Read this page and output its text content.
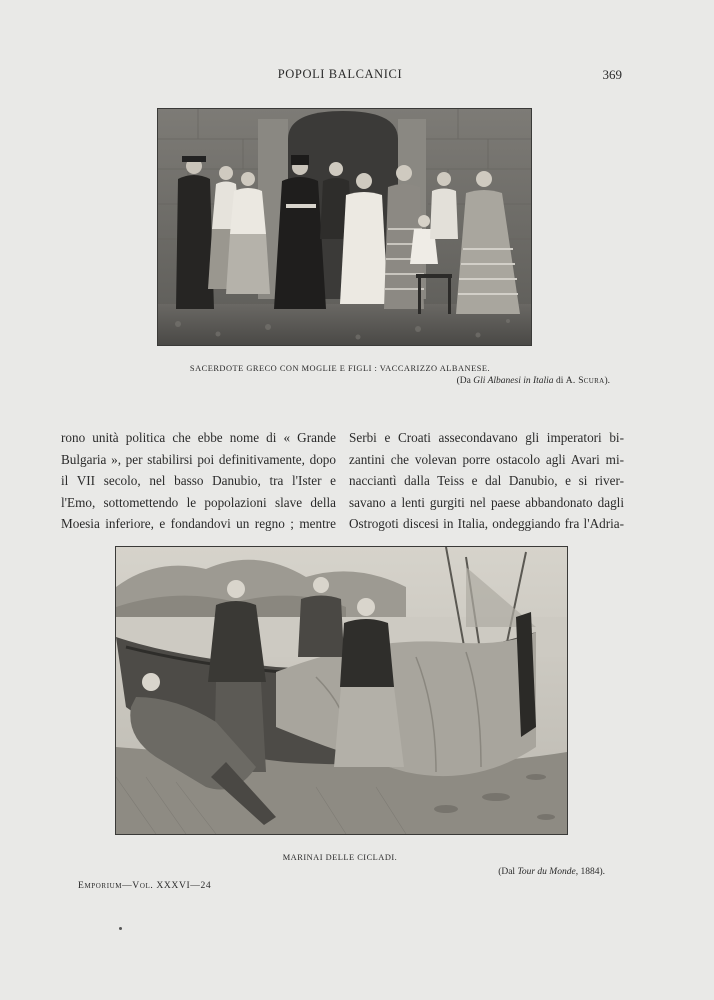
POPOLI BALCANICI	369
SACERDOTE GRECO CON MOGLIE E FIGLI : VACCARIZZO ALBANESE.
(Da Gli Albanesi in Italia di A. Scura).
rono unità politica che ebbe nome di « Grande
Bulgaria », per stabilirsi poi definitivamente, dopo
il VII secolo, nel basso Danubio, tra l'Ister e
l'Emo, sottomettendo le popolazioni slave della
Moesia inferiore, e fondandovi un regno ; mentre
Serbi e Croati assecondavano gli imperatori bi-
zantini che volevan porre ostacolo agli Avari mi-
nacciantì dalla Teiss e dal Danubio, e si river-
savano a lenti gurgiti nel paese abbandonato dagli
Ostrogoti discesi in Italia, ondeggiando fra l'Adria-
MARINAI DELLE CICLADI.
(Dal Tour du Monde, 1884).
Emporium—Vol. XXXVI—24
